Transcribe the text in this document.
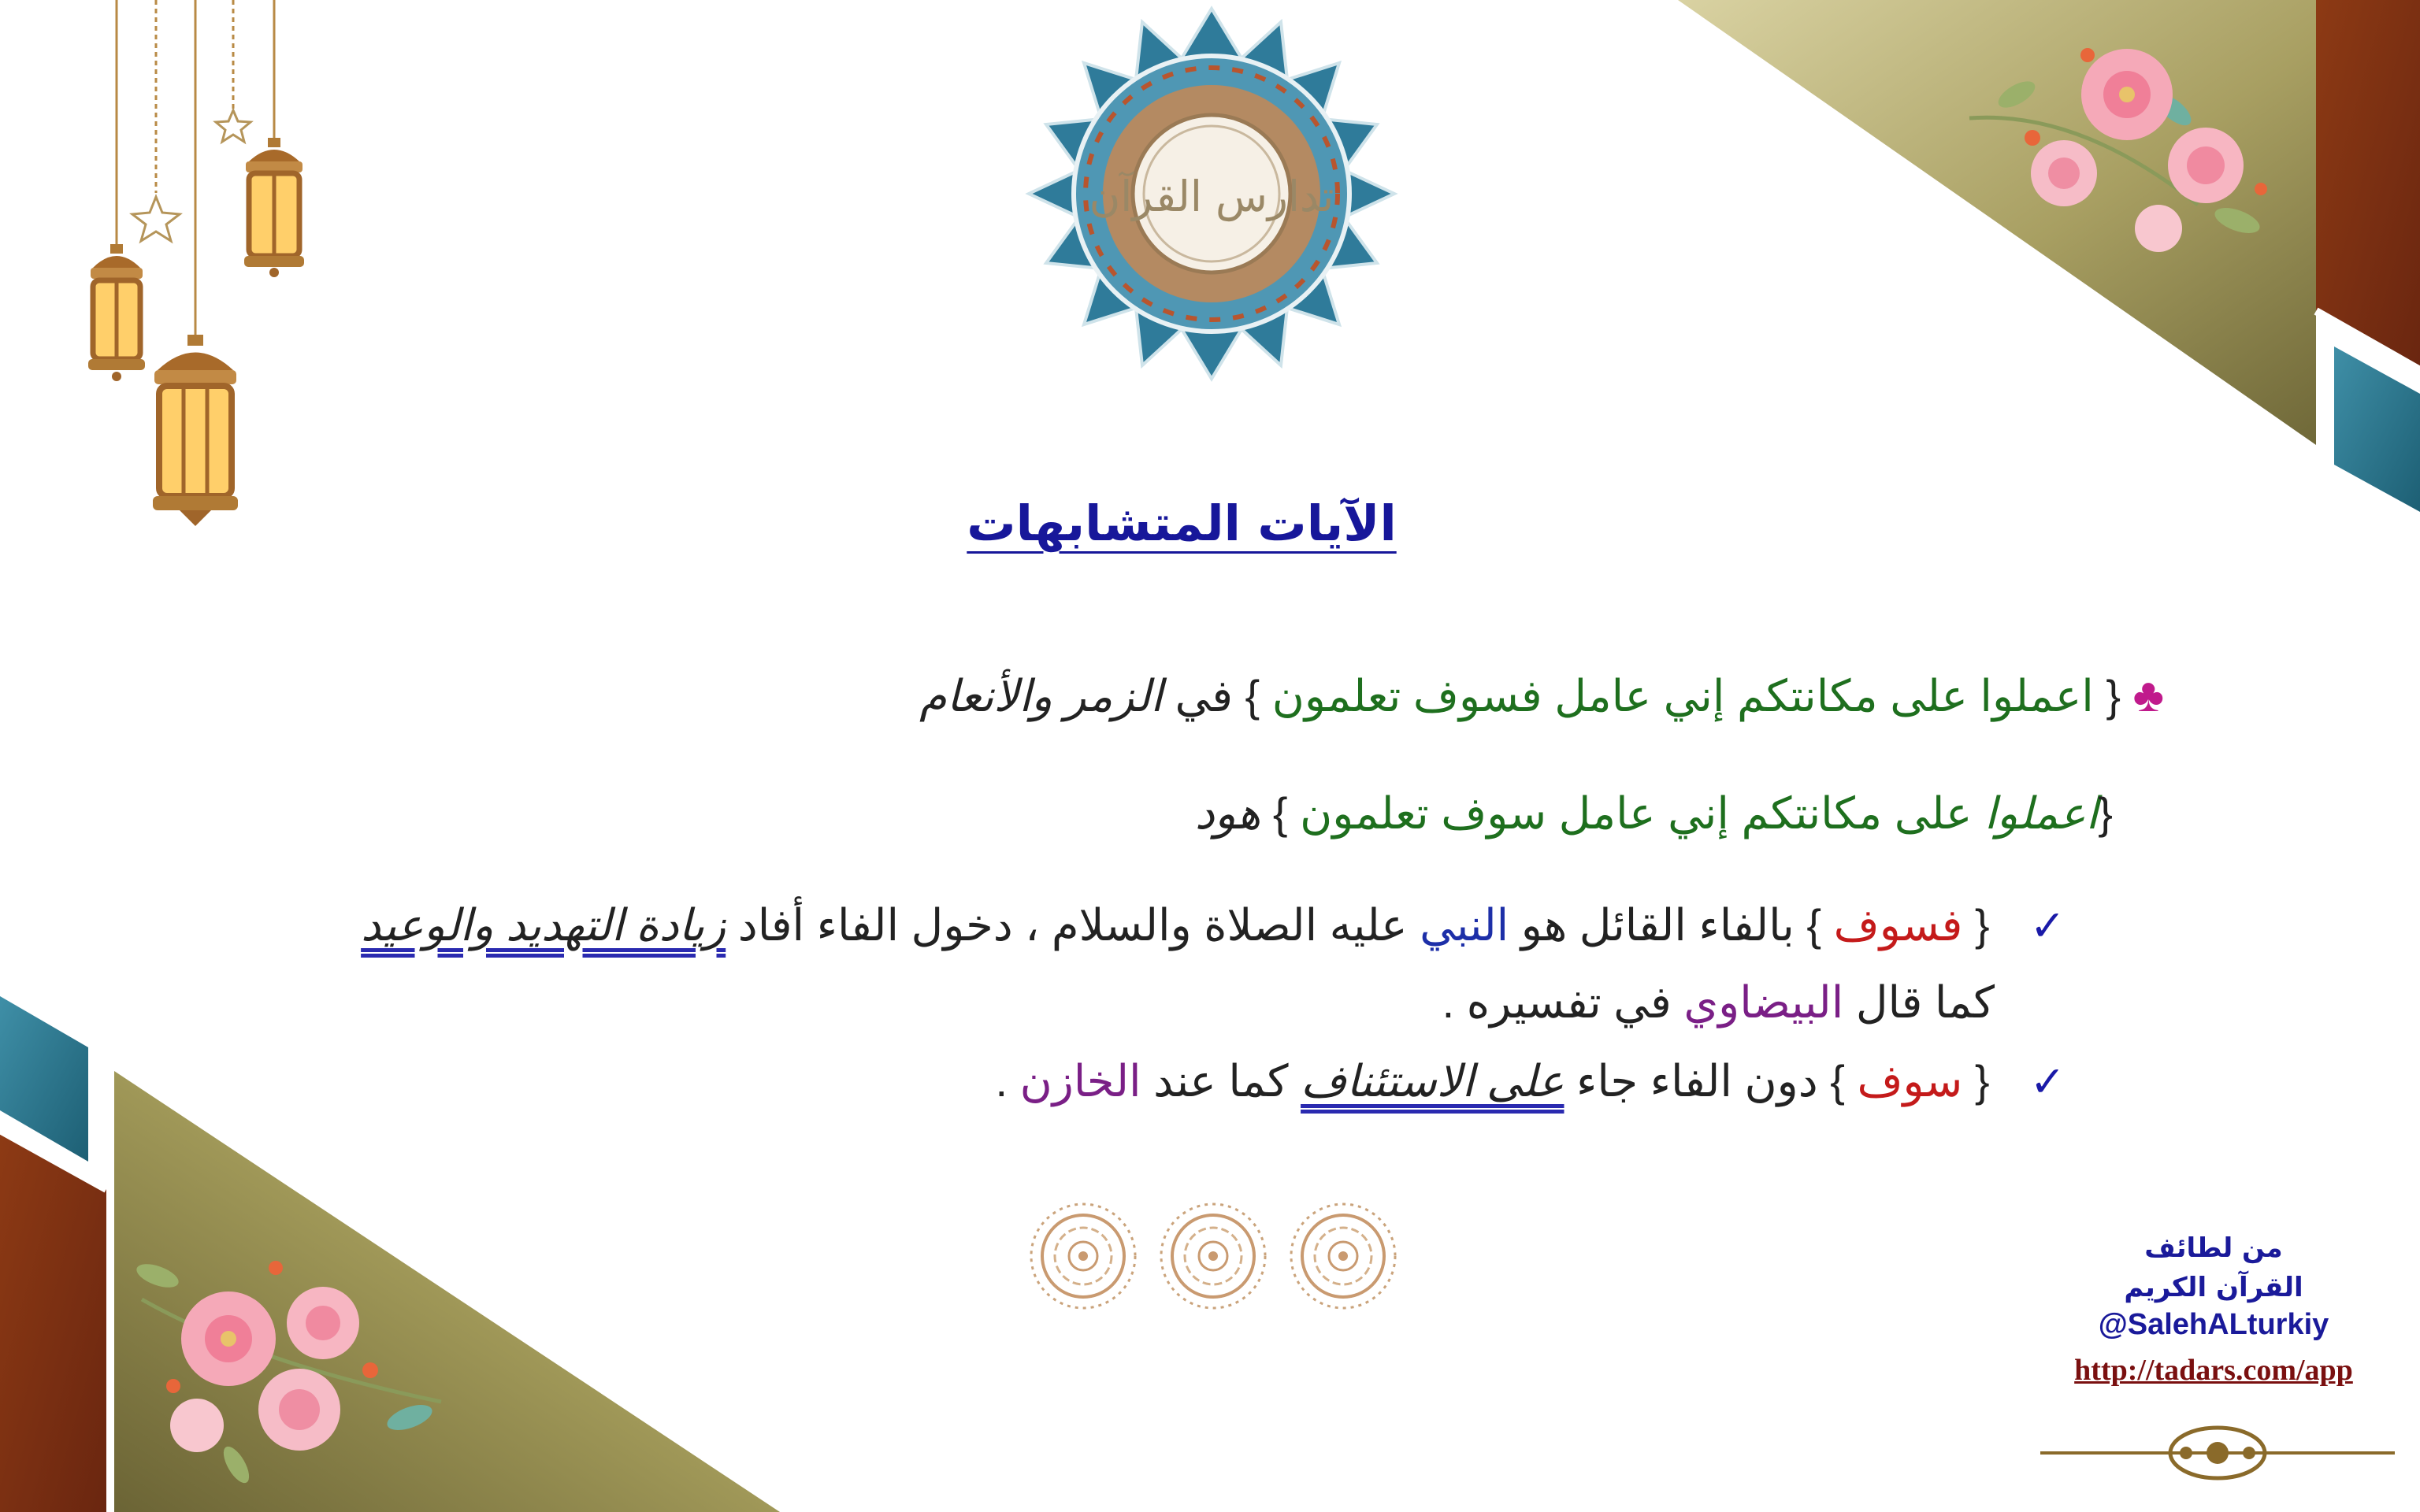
تدارس القرآن
الآيات المتشابهات
♣ { اعملوا على مكانتكم إني عامل فسوف تعلمون } في الزمر والأنعام
{اعملوا على مكانتكم إني عامل سوف تعلمون } هود
✓  { فسوف } بالفاء القائل هو النبي عليه الصلاة والسلام ، دخول الفاء أفاد زيادة التهديد والوعيد
كما قال البيضاوي في تفسيره .
✓  { سوف } دون الفاء جاء على الاستئناف كما عند الخازن .
من لطائف
القرآن الكريم
@SalehALturkiy
http://tadars.com/app
